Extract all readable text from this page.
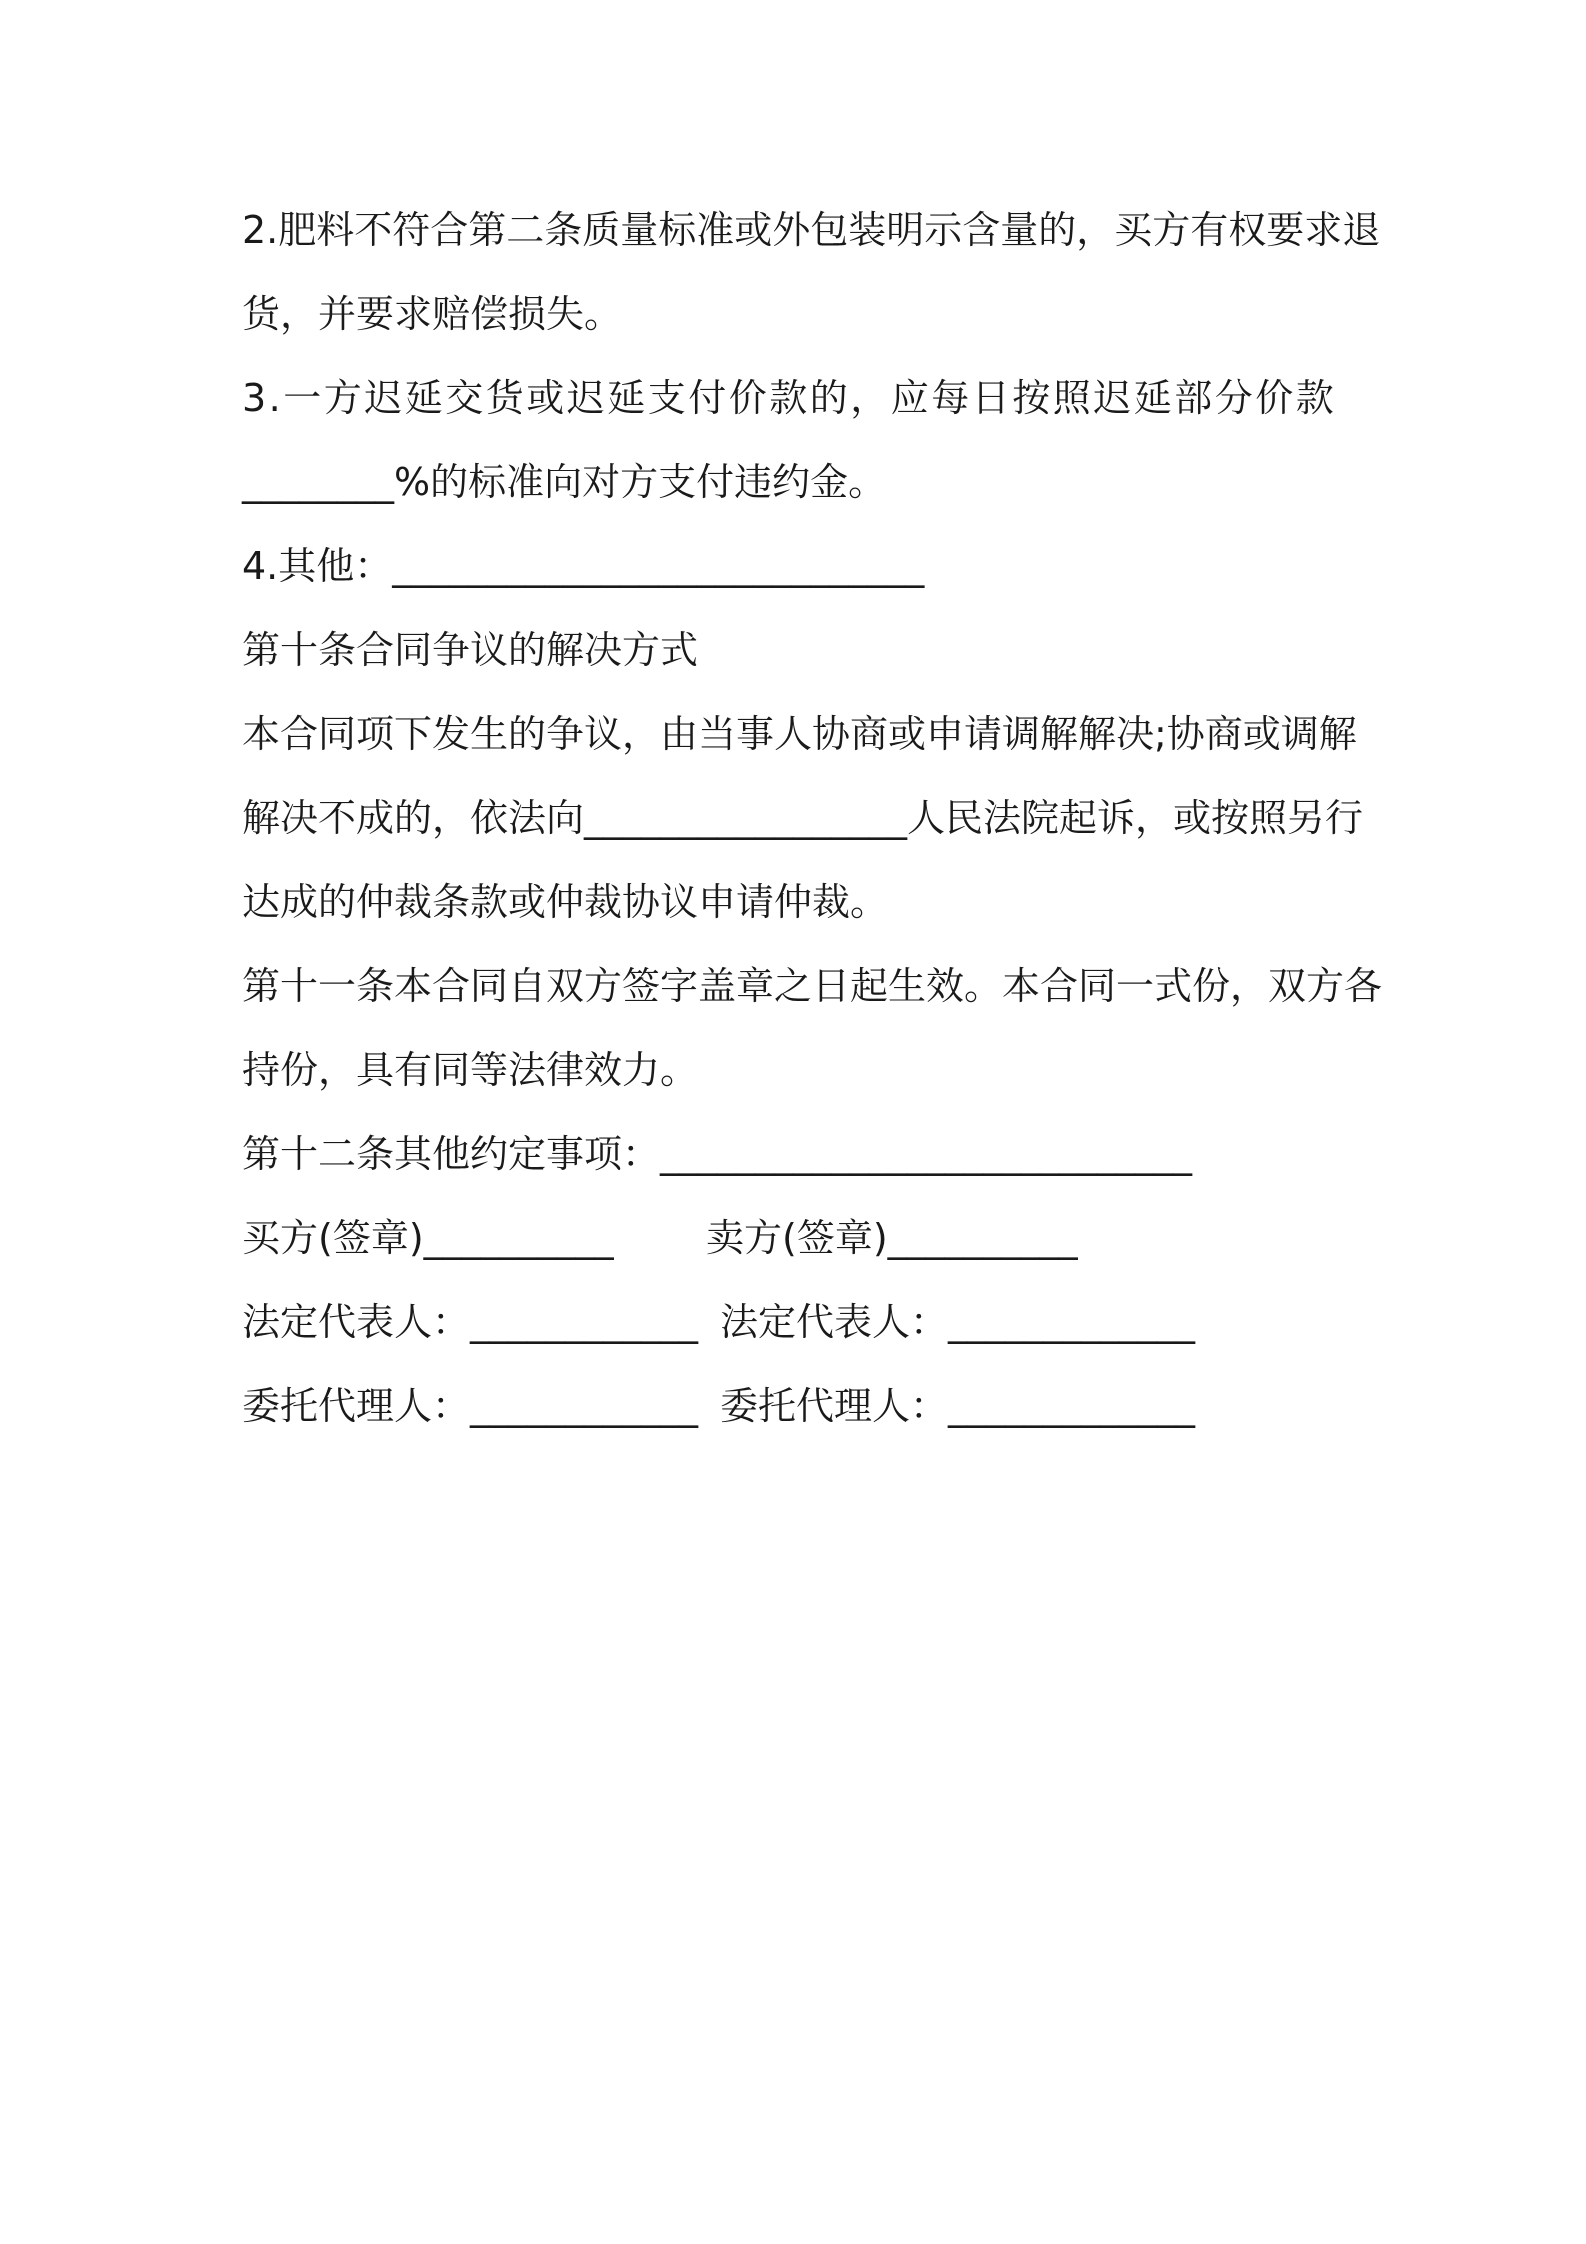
2.肥料不符合第二条质量标准或外包装明示含量的，买方有权要求退
货，并要求赔偿损失。
3.一方迟延交货或迟延支付价款的，应每日按照迟延部分价款
________%的标准向对方支付违约金。
4.其他：____________________________
第十条合同争议的解决方式
本合同项下发生的争议，由当事人协商或申请调解解决;协商或调解
解决不成的，依法向_________________人民法院起诉，或按照另行
达成的仲裁条款或仲裁协议申请仲裁。
第十一条本合同自双方签字盖章之日起生效。本合同一式份，双方各
持份，具有同等法律效力。
第十二条其他约定事项：____________________________
买方(签章)__________ 卖方(签章)__________
法定代表人：____________ 法定代表人：_____________
委托代理人：____________ 委托代理人：_____________
